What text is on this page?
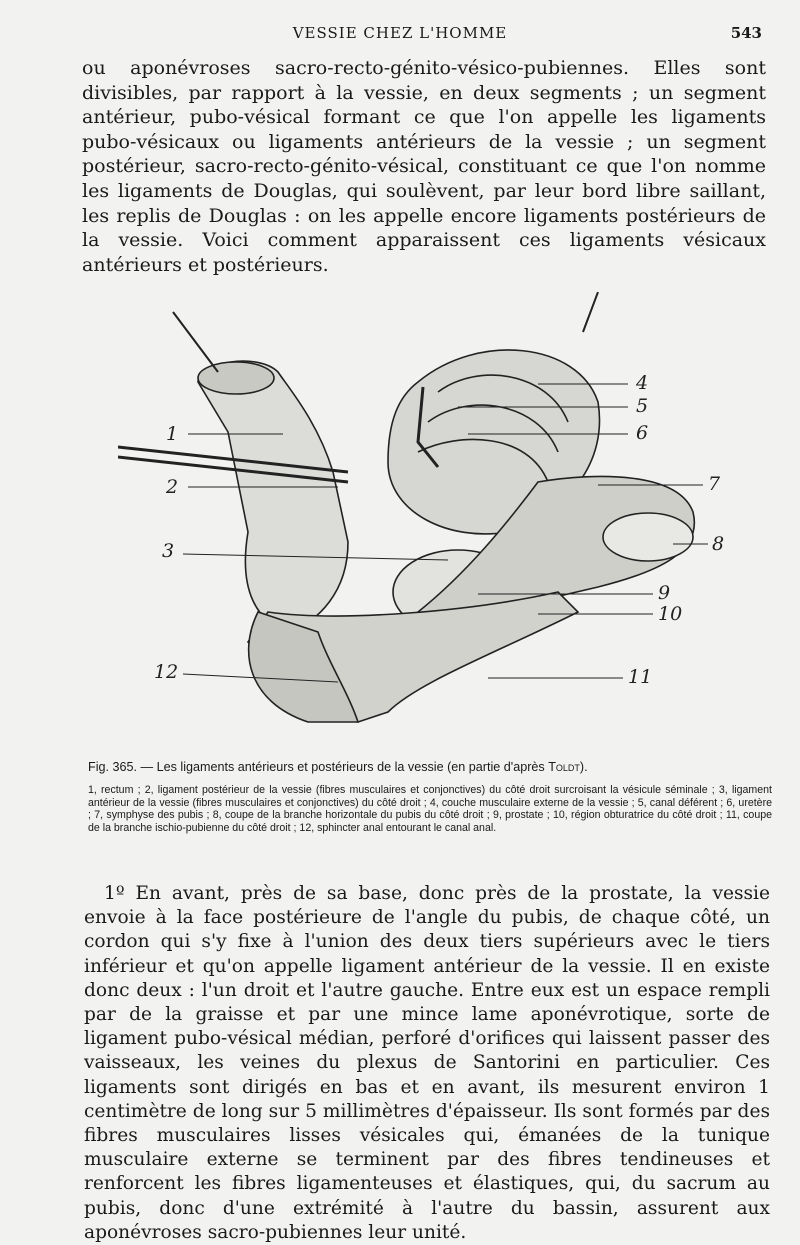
VESSIE CHEZ L'HOMME	543

ou aponévroses sacro-recto-génito-vésico-pubiennes. Elles sont divisibles, par rapport à la vessie, en deux segments ; un segment antérieur, pubo-vésical formant ce que l'on appelle les ligaments pubo-vésicaux ou ligaments antérieurs de la vessie ; un segment postérieur, sacro-recto-génito-vésical, constituant ce que l'on nomme les ligaments de Douglas, qui soulèvent, par leur bord libre saillant, les replis de Douglas : on les appelle encore ligaments postérieurs de la vessie. Voici comment apparaissent ces ligaments vésicaux antérieurs et postérieurs.

1
2
3
4
5
6
7
8
9
10
11
12

Fig. 365. — Les ligaments antérieurs et postérieurs de la vessie (en partie d'après Toldt).

1, rectum ; 2, ligament postérieur de la vessie (fibres musculaires et conjonctives) du côté droit surcroisant la vésicule séminale ; 3, ligament antérieur de la vessie (fibres musculaires et conjonctives) du côté droit ; 4, couche musculaire externe de la vessie ; 5, canal déférent ; 6, uretère ; 7, symphyse des pubis ; 8, coupe de la branche horizontale du pubis du côté droit ; 9, prostate ; 10, région obturatrice du côté droit ; 11, coupe de la branche ischio-pubienne du côté droit ; 12, sphincter anal entourant le canal anal.

1º En avant, près de sa base, donc près de la prostate, la vessie envoie à la face postérieure de l'angle du pubis, de chaque côté, un cordon qui s'y fixe à l'union des deux tiers supérieurs avec le tiers inférieur et qu'on appelle ligament antérieur de la vessie. Il en existe donc deux : l'un droit et l'autre gauche. Entre eux est un espace rempli par de la graisse et par une mince lame aponévrotique, sorte de ligament pubo-vésical médian, perforé d'orifices qui laissent passer des vaisseaux, les veines du plexus de Santorini en particulier. Ces ligaments sont dirigés en bas et en avant, ils mesurent environ 1 centimètre de long sur 5 millimètres d'épaisseur. Ils sont formés par des fibres musculaires lisses vésicales qui, émanées de la tunique musculaire externe se terminent par des fibres tendineuses et renforcent les fibres ligamenteuses et élastiques, qui, du sacrum au pubis, donc d'une extrémité à l'autre du bassin, assurent aux aponévroses sacro-pubiennes leur unité.
